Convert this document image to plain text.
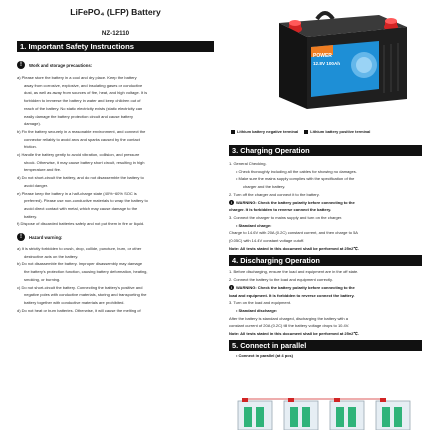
LiFePO₄ (LFP) Battery
NZ-12110
1. Important Safety Instructions
!	Work and storage precautions:
a) Please store the battery in a cool and dry place. Keep the battery
away from corrosive, explosive, and insulating gases or conductive
dust, as well as away from sources of fire, heat, and high voltage. It is
forbidden to immerse the battery in water and keep children out of
reach of the battery. No static electricity exists (static electricity can
easily damage the battery protection circuit and cause battery
damage).
b) Fix the battery securely in a reasonable environment, and connect the
connector reliably to avoid arcs and sparks caused by the contact
friction.
c) Handle the battery gently to avoid vibration, collision, and pressure
shock. Otherwise, it may cause battery short circuit, resulting in high
temperature and fire.
d) Do not short-circuit the battery, and do not disassemble the battery to
avoid danger.
e) Please keep the battery in a half-charge state (40%~60% SOC is
preferred). Please use non-conductive materials to wrap the battery to
avoid direct contact with metal, which may cause damage to the
battery.
f) Dispose of discarded batteries safely and not put them in fire or liquid.
!	Hazard warning:
a) It is strictly forbidden to crush, drop, collide, puncture, burn, or other
destructive acts on the battery.
b) Do not disassemble the battery. Improper disassembly may damage
the battery's protection function, causing battery deformation, heating,
smoking, or burning.
c) Do not short-circuit the battery. Connecting the battery's positive and
negative poles with conductive materials, storing and transporting the
battery together with conductive materials are prohibited.
d) Do not heat or burn batteries. Otherwise, it will cause the melting of
POWER
12.8V 100Ah
Lithium battery negative terminal	Lithium battery positive terminal
3. Charging Operation
1. General Checking.
• Check thoroughly including all the cables for showing no damages.
• Make sure the mains supply complies with the specification of the
charger and the battery.
2. Turn off the charger and connect it to the battery.
! WARNING: Check the battery polarity before connecting to the
charger. It is forbidden to reverse connect the battery.
3. Connect the charger to mains supply and turn on the charger.
• Standard charge:
Charge to 14.6V with 20A (0.2C) constant current, and then charge to 5A
(0.05C) with 14.4V constant voltage cutoff.
Note: All tests stated in this document shall be performed at 25±2℃.
4. Discharging Operation
1. Before discharging, ensure the load and equipment are in the off state.
2. Connect the battery to the load and equipment correctly.
! WARNING: Check the battery polarity before connecting to the
load and equipment. It is forbidden to reverse connect the battery.
3. Turn on the load and equipment.
• Standard discharge:
After the battery is standard charged, discharging the battery with a
constant current of 20A (0.2C) till the battery voltage drops to 10.4V.
Note: All tests stated in this document shall be performed at 25±2℃.
5. Connect in parallel
• Connect in parallel (at 4 pcs)
